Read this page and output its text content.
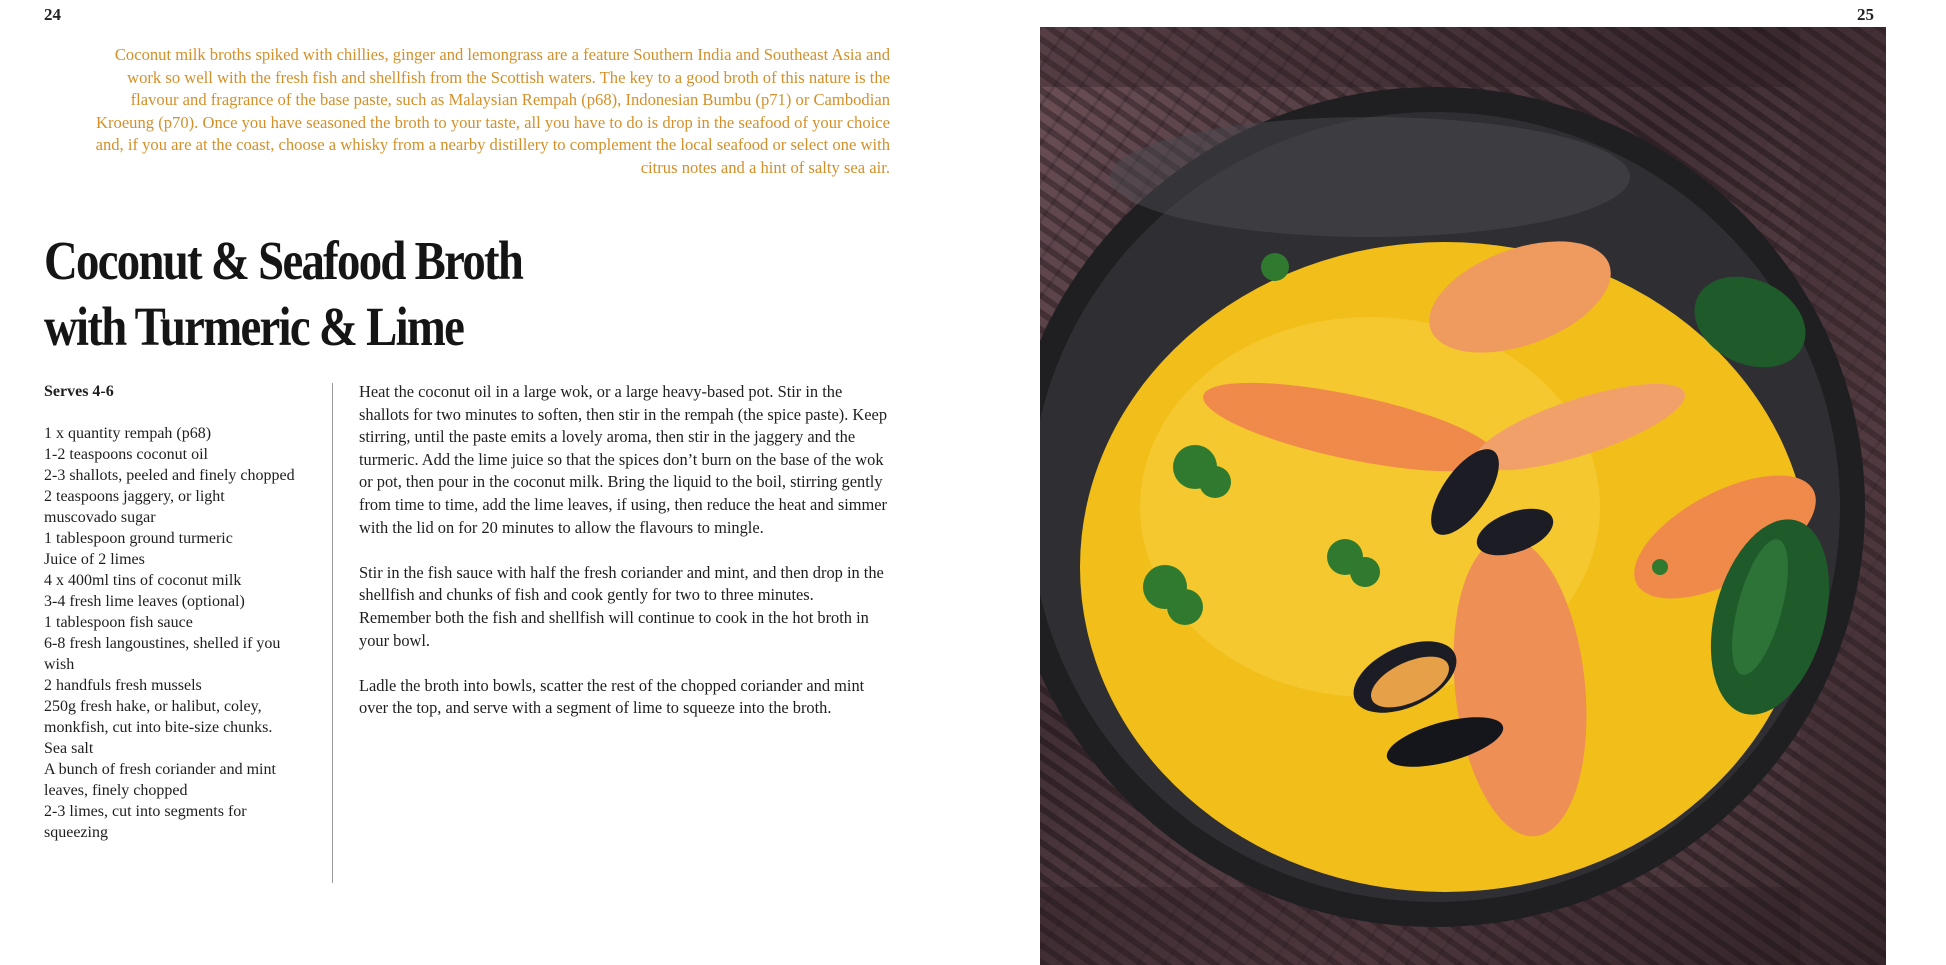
24	25
Coconut milk broths spiked with chillies, ginger and lemongrass are a feature Southern India and Southeast Asia and work so well with the fresh fish and shellfish from the Scottish waters. The key to a good broth of this nature is the flavour and fragrance of the base paste, such as Malaysian Rempah (p68), Indonesian Bumbu (p71) or Cambodian Kroeung (p70). Once you have seasoned the broth to your taste, all you have to do is drop in the seafood of your choice and, if you are at the coast, choose a whisky from a nearby distillery to complement the local seafood or select one with citrus notes and a hint of salty sea air.
Coconut & Seafood Broth
with Turmeric & Lime
Serves 4-6
1 x quantity rempah (p68)
1-2 teaspoons coconut oil
2-3 shallots, peeled and finely chopped
2 teaspoons jaggery, or light muscovado sugar
1 tablespoon ground turmeric
Juice of 2 limes
4 x 400ml tins of coconut milk
3-4 fresh lime leaves (optional)
1 tablespoon fish sauce
6-8 fresh langoustines, shelled if you wish
2 handfuls fresh mussels
250g fresh hake, or halibut, coley, monkfish, cut into bite-size chunks.
Sea salt
A bunch of fresh coriander and mint leaves, finely chopped
2-3 limes, cut into segments for squeezing

Heat the coconut oil in a large wok, or a large heavy-based pot. Stir in the shallots for two minutes to soften, then stir in the rempah (the spice paste). Keep stirring, until the paste emits a lovely aroma, then stir in the jaggery and the turmeric. Add the lime juice so that the spices don’t burn on the base of the wok or pot, then pour in the coconut milk. Bring the liquid to the boil, stirring gently from time to time, add the lime leaves, if using, then reduce the heat and simmer with the lid on for 20 minutes to allow the flavours to mingle.

Stir in the fish sauce with half the fresh coriander and mint, and then drop in the shellfish and chunks of fish and cook gently for two to three minutes. Remember both the fish and shellfish will continue to cook in the hot broth in your bowl.

Ladle the broth into bowls, scatter the rest of the chopped coriander and mint over the top, and serve with a segment of lime to squeeze into the broth.
